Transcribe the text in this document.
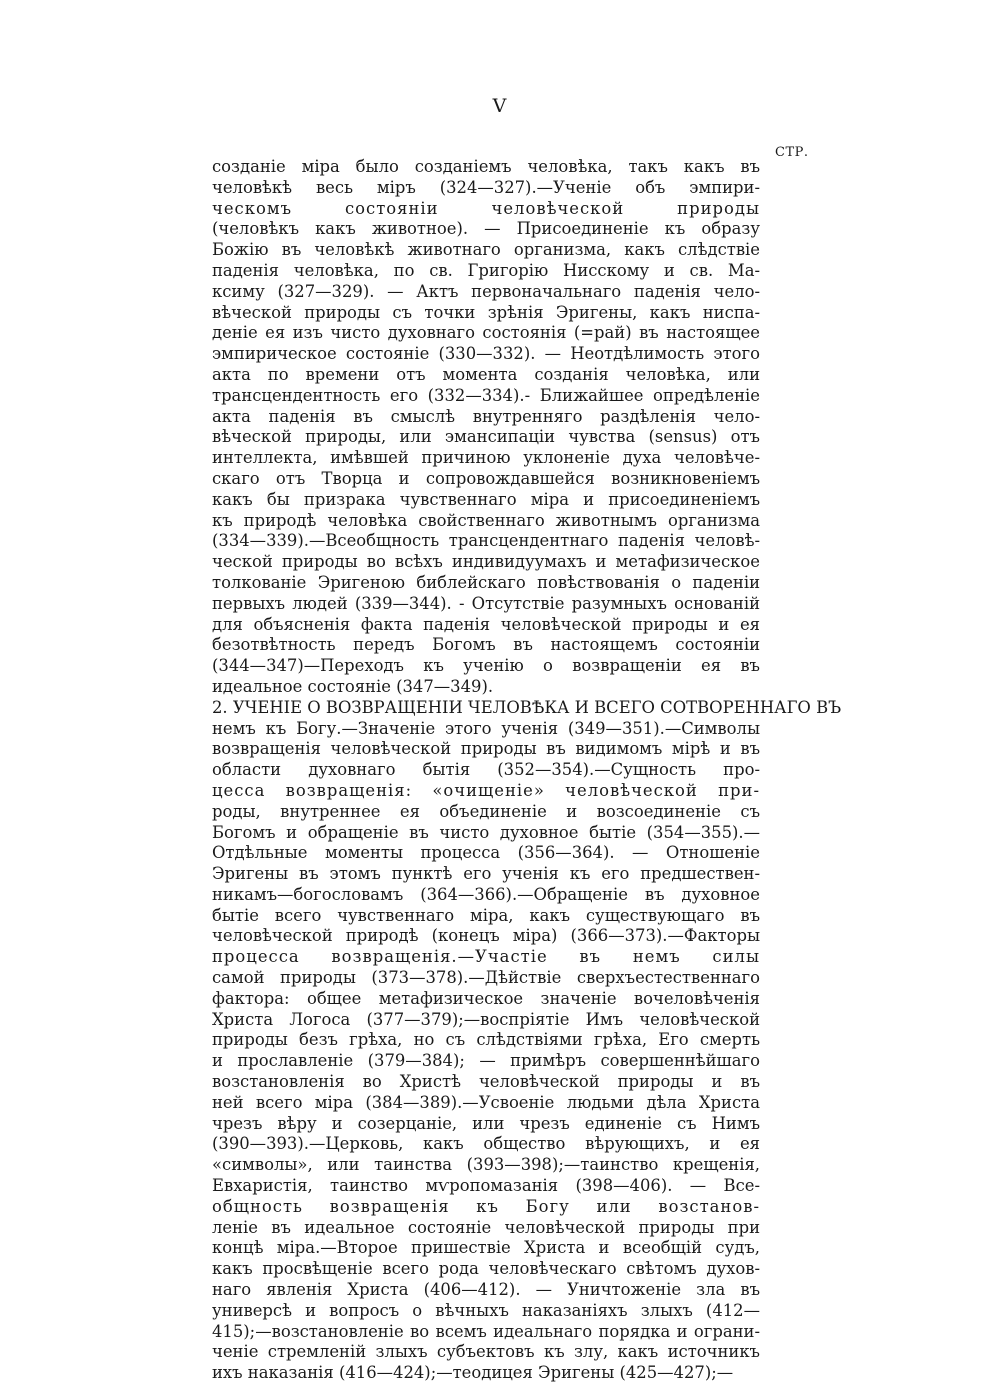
V
СТР.
созданіе міра было созданіемъ человѣка, такъ какъ въ
человѣкѣ весь міръ (324—327).—Ученіе объ эмпири-
ческомъ состояніи человѣческой природы
(человѣкъ какъ животное). — Присоединеніе къ образу
Божію въ человѣкѣ животнаго организма, какъ слѣдствіе
паденія человѣка, по св. Григорію Нисскому и св. Ма-
ксиму (327—329). — Актъ первоначальнаго паденія чело-
вѣческой природы съ точки зрѣнія Эригены, какъ ниспа-
деніе ея изъ чисто духовнаго состоянія (=рай) въ настоящее
эмпирическое состояніе (330—332). — Неотдѣлимость этого
акта по времени отъ момента созданія человѣка, или
трансцендентность его (332—334).- Ближайшее опредѣленіе
акта паденія въ смыслѣ внутренняго раздѣленія чело-
вѣческой природы, или эмансипаціи чувства (sensus) отъ
интеллекта, имѣвшей причиною уклоненіе духа человѣче-
скаго отъ Творца и сопровождавшейся возникновеніемъ
какъ бы призрака чувственнаго міра и присоединеніемъ
къ природѣ человѣка свойственнаго животнымъ организма
(334—339).—Всеобщность трансцендентнаго паденія человѣ-
ческой природы во всѣхъ индивидуумахъ и метафизическое
толкованіе Эригеною библейскаго повѣствованія о паденіи
первыхъ людей (339—344). - Отсутствіе разумныхъ основаній
для объясненія факта паденія человѣческой природы и ея
безотвѣтность передъ Богомъ въ настоящемъ состояніи
(344—347)—Переходъ къ ученію о возвращеніи ея въ
идеальное состояніе (347—349).
2. УЧЕНІЕ О ВОЗВРАЩЕНІИ ЧЕЛОВѢКА И ВСЕГО СОТВОРЕННАГО ВЪ
немъ къ Богу.—Значеніе этого ученія (349—351).—Символы
возвращенія человѣческой природы въ видимомъ мірѣ и въ
области духовнаго бытія (352—354).—Сущность про-
цесса возвращенія: «очищеніе» человѣческой при-
роды, внутреннее ея объединеніе и возсоединеніе съ
Богомъ и обращеніе въ чисто духовное бытіе (354—355).—
Отдѣльные моменты процесса (356—364). — Отношеніе
Эригены въ этомъ пунктѣ его ученія къ его предшествен-
никамъ—богословамъ (364—366).—Обращеніе въ духовное
бытіе всего чувственнаго міра, какъ существующаго въ
человѣческой природѣ (конецъ міра) (366—373).—Факторы
процесса возвращенія.—Участіе въ немъ силы
самой природы (373—378).—Дѣйствіе сверхъестественнаго
фактора: общее метафизическое значеніе вочеловѣченія
Христа Логоса (377—379);—воспріятіе Имъ человѣческой
природы безъ грѣха, но съ слѣдствіями грѣха, Его смерть
и прославленіе (379—384); — примѣръ совершеннѣйшаго
возстановленія во Христѣ человѣческой природы и въ
ней всего міра (384—389).—Усвоеніе людьми дѣла Христа
чрезъ вѣру и созерцаніе, или чрезъ единеніе съ Нимъ
(390—393).—Церковь, какъ общество вѣрующихъ, и ея
«символы», или таинства (393—398);—таинство крещенія,
Евхаристія, таинство мѵропомазанія (398—406). — Все-
общность возвращенія къ Богу или возстанов-
леніе въ идеальное состояніе человѣческой природы при
концѣ міра.—Второе пришествіе Христа и всеобщій судъ,
какъ просвѣщеніе всего рода человѣческаго свѣтомъ духов-
наго явленія Христа (406—412). — Уничтоженіе зла въ
универсѣ и вопросъ о вѣчныхъ наказаніяхъ злыхъ (412—
415);—возстановленіе во всемъ идеальнаго порядка и ограни-
ченіе стремленій злыхъ субъектовъ къ злу, какъ источникъ
ихъ наказанія (416—424);—теодицея Эригены (425—427);—
